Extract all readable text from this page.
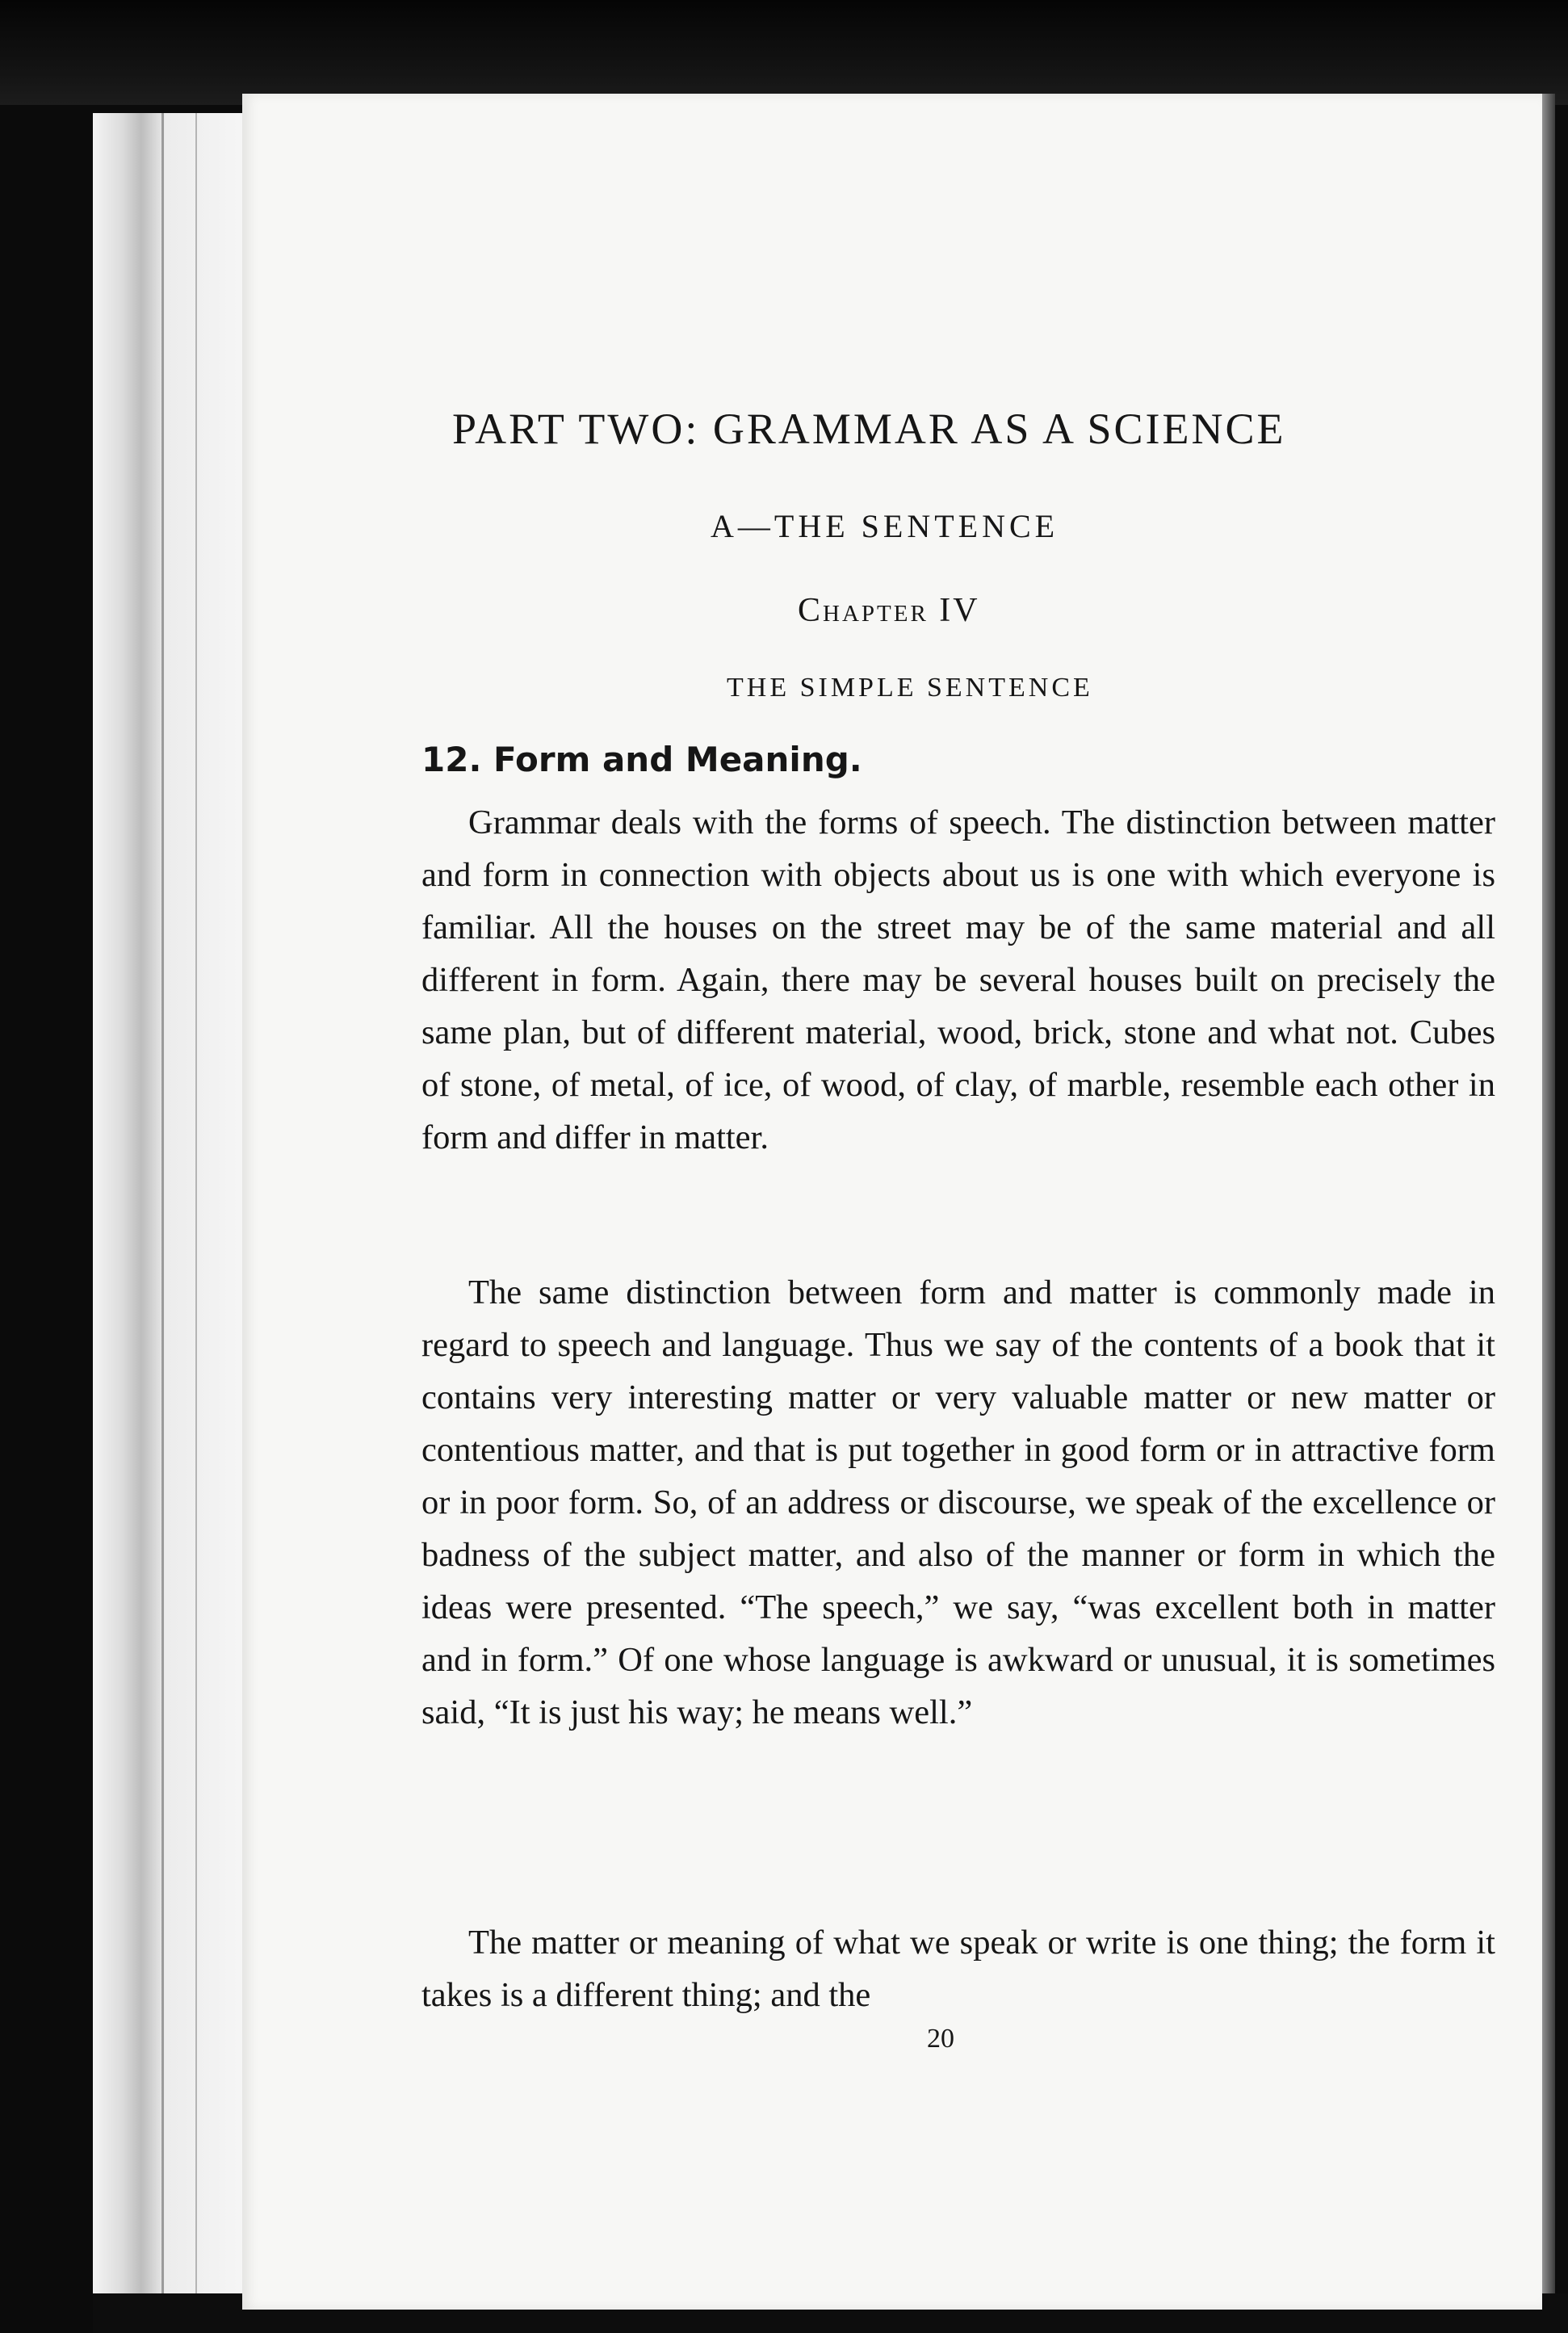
PART TWO: GRAMMAR AS A SCIENCE
A—THE SENTENCE
Chapter IV
THE SIMPLE SENTENCE
12. Form and Meaning.

Grammar deals with the forms of speech. The distinction between matter and form in connection with objects about us is one with which everyone is familiar. All the houses on the street may be of the same material and all different in form. Again, there may be several houses built on precisely the same plan, but of different material, wood, brick, stone and what not. Cubes of stone, of metal, of ice, of wood, of clay, of marble, resemble each other in form and differ in matter.

The same distinction between form and matter is commonly made in regard to speech and language. Thus we say of the contents of a book that it contains very interesting matter or very valuable matter or new matter or contentious matter, and that is put together in good form or in attractive form or in poor form. So, of an address or discourse, we speak of the excellence or badness of the subject matter, and also of the manner or form in which the ideas were presented. “The speech,” we say, “was excellent both in matter and in form.” Of one whose language is awkward or unusual, it is sometimes said, “It is just his way; he means well.”

The matter or meaning of what we speak or write is one thing; the form it takes is a different thing; and the

20
